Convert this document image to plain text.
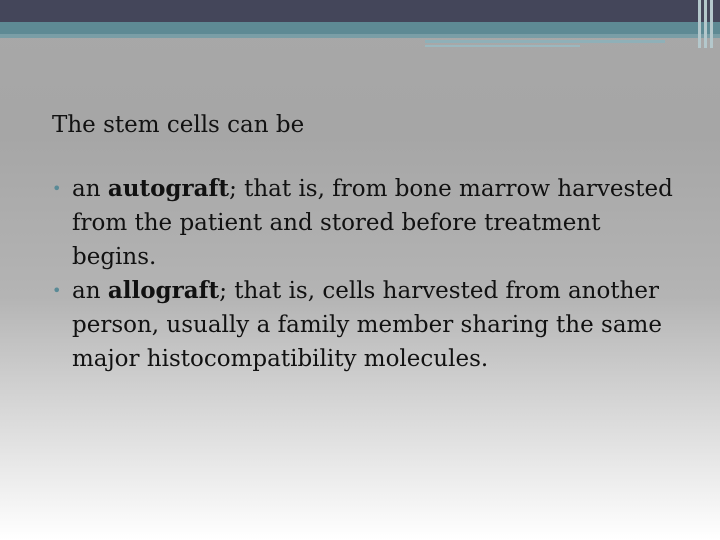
The stem cells can be

• an autograft; that is, from bone marrow harvested from the patient and stored before treatment begins.
• an allograft; that is, cells harvested from another person, usually a family member sharing the same major histocompatibility molecules.
